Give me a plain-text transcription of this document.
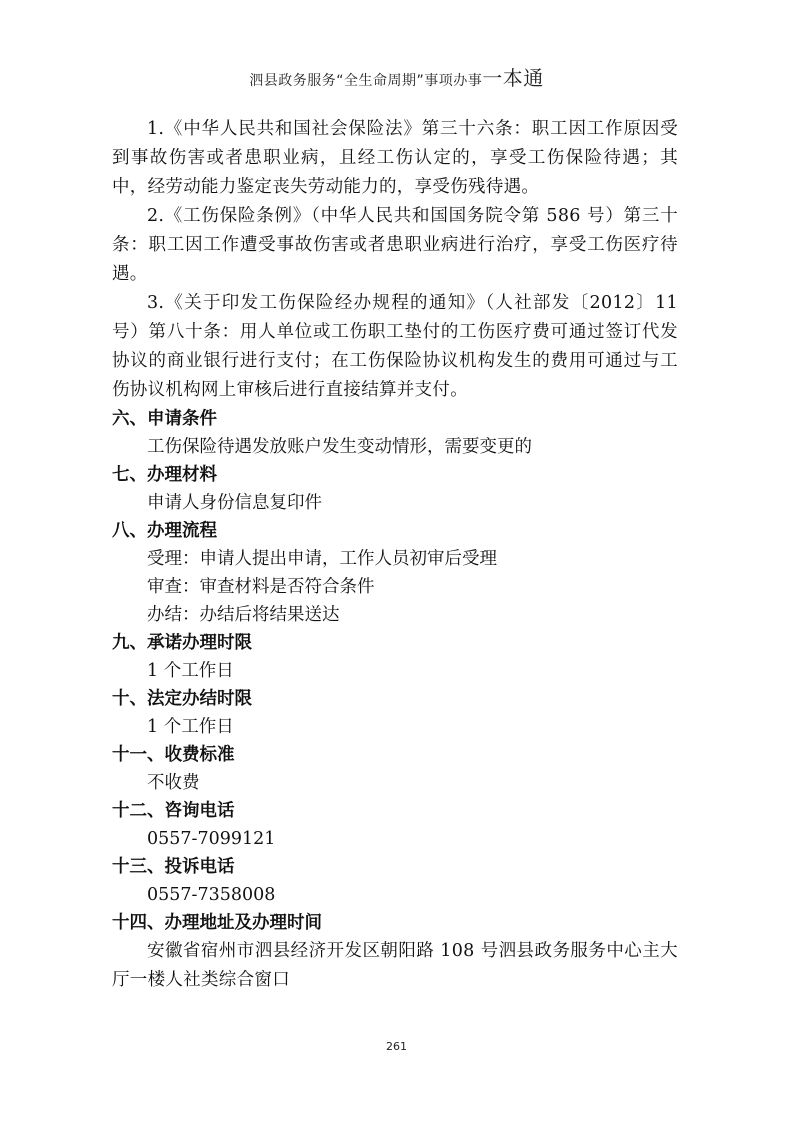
泗县政务服务“全生命周期”事项办事一本通

1.《中华人民共和国社会保险法》第三十六条：职工因工作原因受到事故伤害或者患职业病，且经工伤认定的，享受工伤保险待遇；其中，经劳动能力鉴定丧失劳动能力的，享受伤残待遇。

2.《工伤保险条例》（中华人民共和国国务院令第 586 号）第三十条：职工因工作遭受事故伤害或者患职业病进行治疗，享受工伤医疗待遇。

3.《关于印发工伤保险经办规程的通知》（人社部发〔2012〕11 号）第八十条：用人单位或工伤职工垫付的工伤医疗费可通过签订代发协议的商业银行进行支付；在工伤保险协议机构发生的费用可通过与工伤协议机构网上审核后进行直接结算并支付。

六、申请条件

工伤保险待遇发放账户发生变动情形，需要变更的

七、办理材料

申请人身份信息复印件

八、办理流程

受理：申请人提出申请，工作人员初审后受理

审查：审查材料是否符合条件

办结：办结后将结果送达

九、承诺办理时限

1 个工作日

十、法定办结时限

1 个工作日

十一、收费标准

不收费

十二、咨询电话

0557-7099121

十三、投诉电话

0557-7358008

十四、办理地址及办理时间

安徽省宿州市泗县经济开发区朝阳路 108 号泗县政务服务中心主大厅一楼人社类综合窗口

261
